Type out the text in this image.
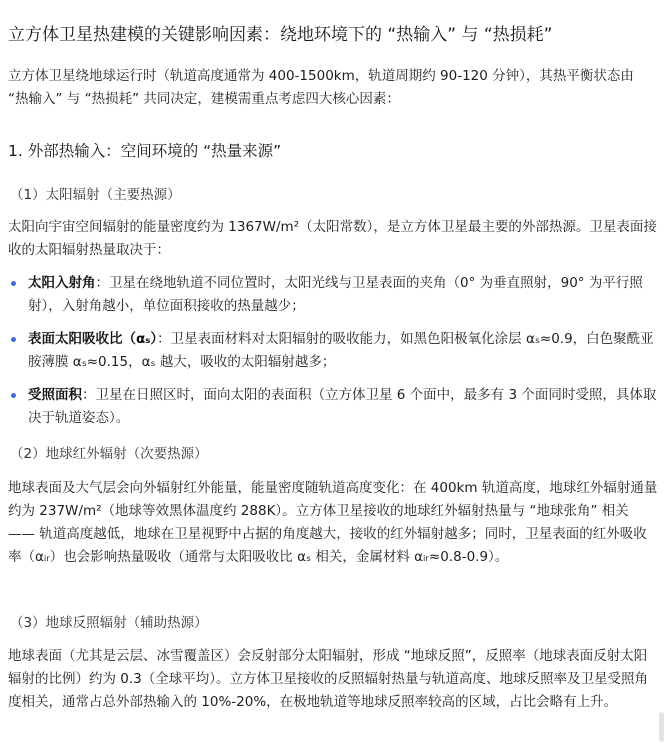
立方体卫星热建模的关键影响因素：绕地环境下的 “热输入” 与 “热损耗”
立方体卫星绕地球运行时（轨道高度通常为 400-1500km，轨道周期约 90-120 分钟），其热平衡状态由 “热输入” 与 “热损耗” 共同决定，建模需重点考虑四大核心因素：
1. 外部热输入：空间环境的 “热量来源”
（1）太阳辐射（主要热源）
太阳向宇宙空间辐射的能量密度约为 1367W/m²（太阳常数），是立方体卫星最主要的外部热源。卫星表面接收的太阳辐射热量取决于：
太阳入射角：卫星在绕地轨道不同位置时，太阳光线与卫星表面的夹角（0° 为垂直照射，90° 为平行照射），入射角越小，单位面积接收的热量越少；
表面太阳吸收比（αₛ）：卫星表面材料对太阳辐射的吸收能力，如黑色阳极氧化涂层 αₛ≈0.9，白色聚酰亚胺薄膜 αₛ≈0.15，αₛ 越大，吸收的太阳辐射越多；
受照面积：卫星在日照区时，面向太阳的表面积（立方体卫星 6 个面中，最多有 3 个面同时受照，具体取决于轨道姿态）。
（2）地球红外辐射（次要热源）
地球表面及大气层会向外辐射红外能量，能量密度随轨道高度变化：在 400km 轨道高度，地球红外辐射通量约为 237W/m²（地球等效黑体温度约 288K）。立方体卫星接收的地球红外辐射热量与 “地球张角” 相关 —— 轨道高度越低，地球在卫星视野中占据的角度越大，接收的红外辐射越多；同时，卫星表面的红外吸收率（αᵢᵣ）也会影响热量吸收（通常与太阳吸收比 αₛ 相关，金属材料 αᵢᵣ≈0.8-0.9）。
（3）地球反照辐射（辅助热源）
地球表面（尤其是云层、冰雪覆盖区）会反射部分太阳辐射，形成 “地球反照”，反照率（地球表面反射太阳辐射的比例）约为 0.3（全球平均）。立方体卫星接收的反照辐射热量与轨道高度、地球反照率及卫星受照角度相关，通常占总外部热输入的 10%-20%，在极地轨道等地球反照率较高的区域，占比会略有上升。
